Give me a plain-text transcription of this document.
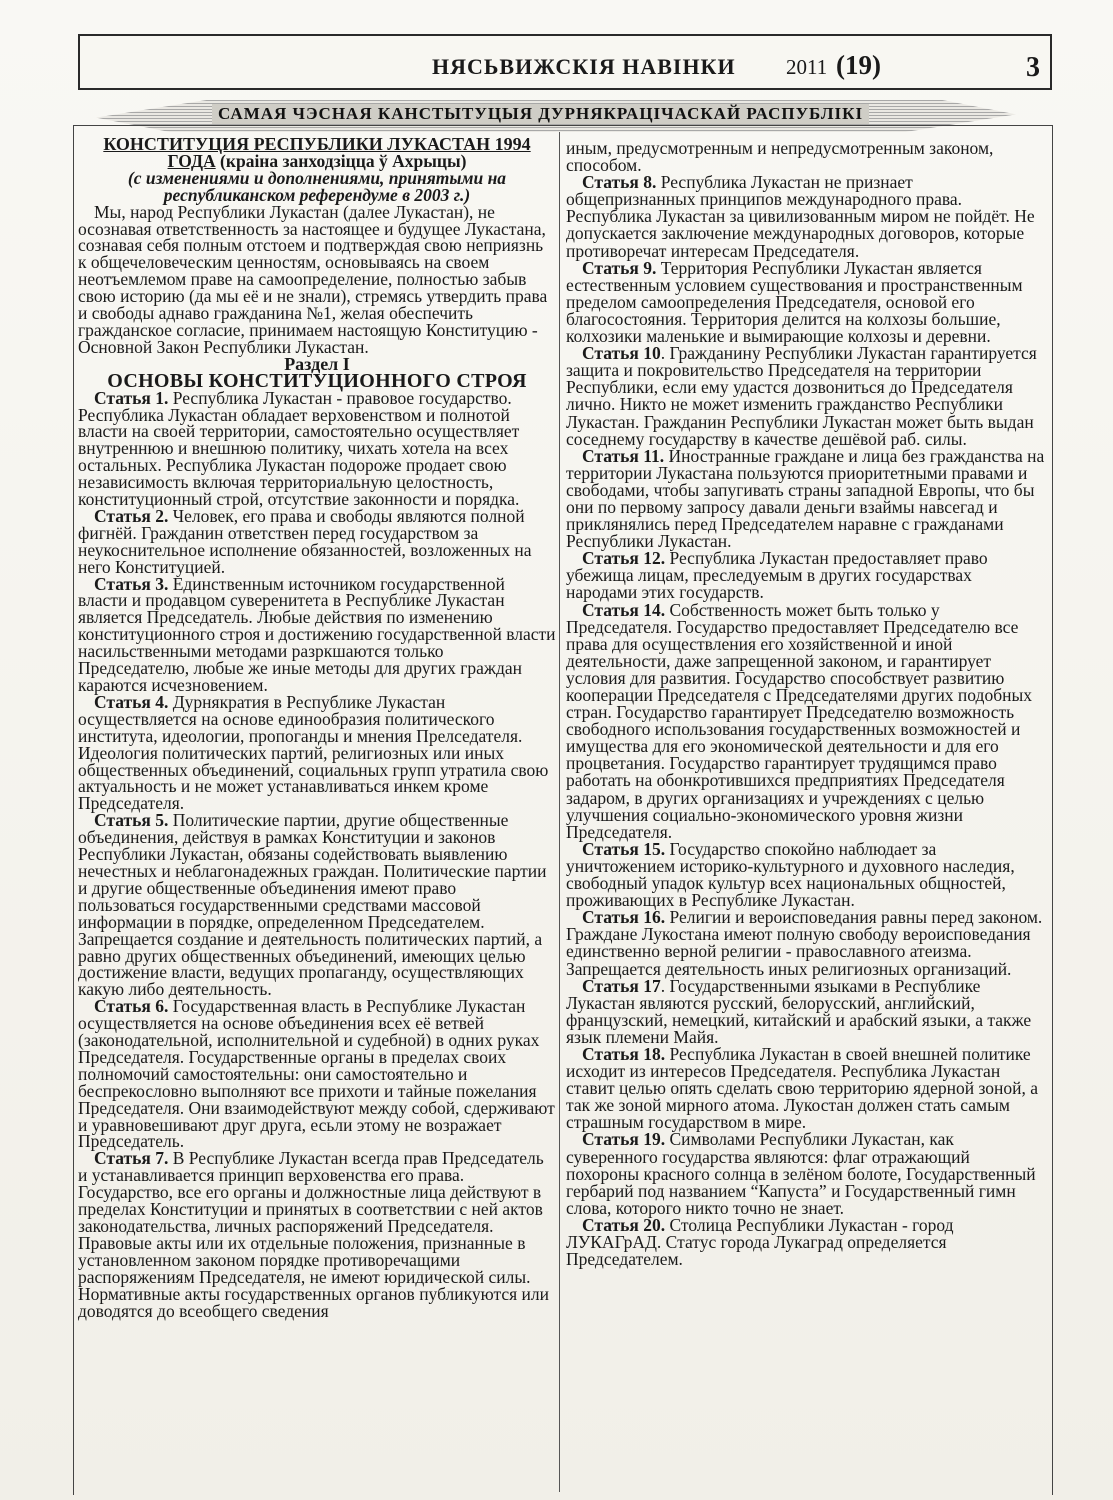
НЯСЬВИЖСКІЯ НАВІНКИ 2011 (19)	3
САМАЯ ЧЭСНАЯ КАНСТЫТУЦЫЯ ДУРНЯКРАЦІЧАСКАЙ РАСПУБЛІКІ

КОНСТИТУЦИЯ РЕСПУБЛИКИ ЛУКАСТАН 1994

ГОДА (краіна занходзіцца ў Ахрыцы)

(с изменениями и дополнениями, принятыми на республиканском референдуме в 2003 г.)

Мы, народ Республики Лукастан (далее Лукастан), не осознавая ответственность за настоящее и будущее Лукастана, сознавая себя полным отстоем и подтверждая свою неприязнь к общечеловеческим ценностям, основываясь на своем неотъемлемом праве на самоопределение, полностью забыв свою историю (да мы её и не знали), стремясь утвердить права и свободы аднаво гражданина №1, желая обеспечить гражданское согласие, принимаем настоящую Конституцию - Основной Закон Республики Лукастан.

Раздел I

ОСНОВЫ КОНСТИТУЦИОННОГО СТРОЯ

Статья 1. Республика Лукастан - правовое государство. Республика Лукастан обладает верховенством и полнотой власти на своей территории, самостоятельно осуществляет внутреннюю и внешнюю политику, чихать хотела на всех остальных. Республика Лукастан подороже продает свою независимость включая территориальную целостность, конституционный строй, отсутствие законности и порядка.

Статья 2. Человек, его права и свободы являются полной фигнёй. Гражданин ответствен перед государством за неукоснительное исполнение обязанностей, возложенных на него Конституцией.

Статья 3. Единственным источником государственной власти и продавцом суверенитета в Республике Лукастан является Председатель. Любые действия по изменению конституционного строя и достижению государственной власти насильственными методами разркшаются только Председателю, любые же иные методы для других граждан караются исчезновением.

Статья 4. Дурнякратия в Республике Лукастан осуществляется на основе единообразия политического института, идеологии, пропоганды и мнения Прелседателя. Идеология политических партий, религиозных или иных общественных объединений, социальных групп утратила свою актуальность и не может устанавливаться инкем кроме Председателя.

Статья 5. Политические партии, другие общественные объединения, действуя в рамках Конституции и законов Республики Лукастан, обязаны содействовать выявлению нечестных и неблагонадежных граждан. Политические партии и другие общественные объединения имеют право пользоваться государственными средствами массовой информации в порядке, определенном Председателем. Запрещается создание и деятельность политических партий, а равно других общественных объединений, имеющих целью достижение власти, ведущих пропаганду, осуществляющих какую либо деятельность.

Статья 6. Государственная власть в Республике Лукастан осуществляется на основе объединения всех её ветвей (законодательной, исполнительной и судебной) в одних руках Председателя. Государственные органы в пределах своих полномочий самостоятельны: они самостоятельно и беспрекословно выполняют все прихоти и тайные пожелания Председателя. Они взаимодействуют между собой, сдерживают и уравновешивают друг друга, есьли этому не возражает Председатель.

Статья 7. В Республике Лукастан всегда прав Председатель и устанавливается принцип верховенства его права. Государство, все его органы и должностные лица действуют в пределах Конституции и принятых в соответствии с ней актов законодательства, личных распоряжений Председателя. Правовые акты или их отдельные положения, признанные в установленном законом порядке противоречащими распоряжениям Председателя, не имеют юридической силы. Нормативные акты государственных органов публикуются или доводятся до всеобщего сведения

иным, предусмотренным и непредусмотренным законом, способом.

Статья 8. Республика Лукастан не признает общепризнанных принципов международного права. Республика Лукастан за цивилизованным миром не пойдёт. Не допускается заключение международных договоров, которые противоречат интересам Председателя.

Статья 9. Территория Республики Лукастан является естественным условием существования и пространственным пределом самоопределения Председателя, основой его благосостояния. Территория делится на колхозы большие, колхозики маленькие и вымирающие колхозы и деревни.

Статья 10. Гражданину Республики Лукастан гарантируется защита и покровительство Председателя на территории Республики, если ему удастся дозвониться до Председателя лично. Никто не может изменить гражданство Республики Лукастан. Гражданин Республики Лукастан может быть выдан соседнему государству в качестве дешёвой раб. силы.

Статья 11. Иностранные граждане и лица без гражданства на территории Лукастана пользуются приоритетными правами и свободами, чтобы запугивать страны западной Европы, что бы они по первому запросу давали деньги взаймы навсегад и приклянялись перед Председателем наравне с гражданами Республики Лукастан.

Статья 12. Республика Лукастан предоставляет право убежища лицам, преследуемым в других государствах народами этих государств.

Статья 14. Собственность может быть только у Председателя. Государство предоставляет Председателю все права для осуществления его хозяйственной и иной деятельности, даже запрещенной законом, и гарантирует условия для развития. Государство способствует развитию кооперации Председателя с Председателями других подобных стран. Государство гарантирует Председателю возможность свободного использования государственных возможностей и имущества для его экономической деятельности и для его процветания. Государство гарантирует трудящимся право работать на обонкротившихся предприятиях Председателя задаром, в других организациях и учреждениях с целью улучшения социально-экономического уровня жизни Председателя.

Статья 15. Государство спокойно наблюдает за уничтожением историко-культурного и духовного наследия, свободный упадок культур всех национальных общностей, проживающих в Республике Лукастан.

Статья 16. Религии и вероисповедания равны перед законом. Граждане Лукостана имеют полную свободу вероисповедания единственно верной религии - православного атеизма. Запрещается деятельность иных религиозных организаций.

Статья 17. Государственными языками в Республике Лукастан являются русский, белорусский, английский, французский, немецкий, китайский и арабский языки, а также язык племени Майя.

Статья 18. Республика Лукастан в своей внешней политике исходит из интересов Председателя. Республика Лукастан ставит целью опять сделать свою территорию ядерной зоной, а так же зоной мирного атома. Лукостан должен стать самым страшным государством в мире.

Статья 19. Символами Республики Лукастан, как суверенного государства являются: флаг отражающий похороны красного солнца в зелёном болоте, Государственный гербарий под названием “Капуста” и Государственный гимн слова, которого никто точно не знает.

Статья 20. Столица Республики Лукастан - город ЛУКАГрАД. Статус города Лукаград определяется Председателем.
